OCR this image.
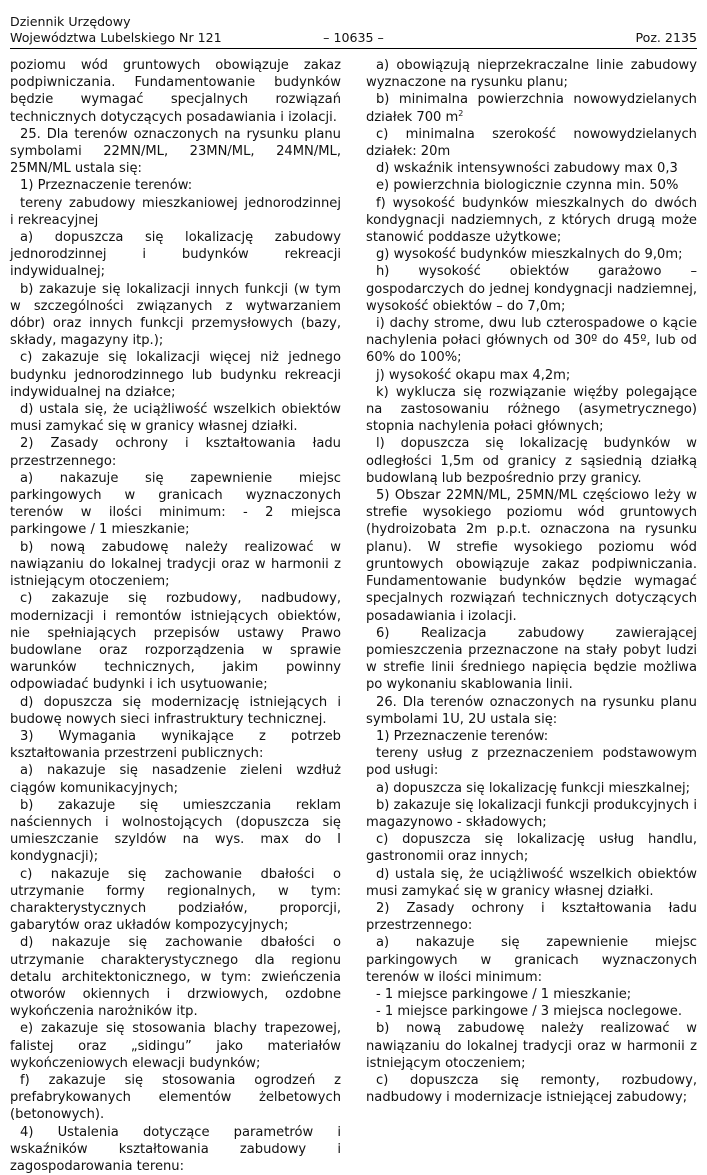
Dziennik Urzędowy
Województwa Lubelskiego Nr 121	– 10635 –	Poz. 2135

poziomu wód gruntowych obowiązuje zakaz podpiwniczania. Fundamentowanie budynków będzie wymagać specjalnych rozwiązań technicznych dotyczących posadawiania i izolacji.

25. Dla terenów oznaczonych na rysunku planu symbolami 22MN/ML, 23MN/ML, 24MN/ML, 25MN/ML ustala się:

1) Przeznaczenie terenów:

tereny zabudowy mieszkaniowej jednorodzinnej i rekreacyjnej

a) dopuszcza się lokalizację zabudowy jednorodzinnej i budynków rekreacji indywidualnej;

b) zakazuje się lokalizacji innych funkcji (w tym w szczególności związanych z wytwarzaniem dóbr) oraz innych funkcji przemysłowych (bazy, składy, magazyny itp.);

c) zakazuje się lokalizacji więcej niż jednego budynku jednorodzinnego lub budynku rekreacji indywidualnej na działce;

d) ustala się, że uciążliwość wszelkich obiektów musi zamykać się w granicy własnej działki.

2) Zasady ochrony i kształtowania ładu przestrzennego:

a) nakazuje się zapewnienie miejsc parkingowych w granicach wyznaczonych terenów w ilości minimum: - 2 miejsca parkingowe / 1 mieszkanie;

b) nową zabudowę należy realizować w nawiązaniu do lokalnej tradycji oraz w harmonii z istniejącym otoczeniem;

c) zakazuje się rozbudowy, nadbudowy, modernizacji i remontów istniejących obiektów, nie spełniających przepisów ustawy Prawo budowlane oraz rozporządzenia w sprawie warunków technicznych, jakim powinny odpowiadać budynki i ich usytuowanie;

d) dopuszcza się modernizację istniejących i budowę nowych sieci infrastruktury technicznej.

3) Wymagania wynikające z potrzeb kształtowania przestrzeni publicznych:

a) nakazuje się nasadzenie zieleni wzdłuż ciągów komunikacyjnych;

b) zakazuje się umieszczania reklam naściennych i wolnostojących (dopuszcza się umieszczanie szyldów na wys. max do I kondygnacji);

c) nakazuje się zachowanie dbałości o utrzymanie formy regionalnych, w tym: charakterystycznych podziałów, proporcji, gabarytów oraz układów kompozycyjnych;

d) nakazuje się zachowanie dbałości o utrzymanie charakterystycznego dla regionu detalu architektonicznego, w tym: zwieńczenia otworów okiennych i drzwiowych, ozdobne wykończenia narożników itp.

e) zakazuje się stosowania blachy trapezowej, falistej oraz „sidingu” jako materiałów wykończeniowych elewacji budynków;

f) zakazuje się stosowania ogrodzeń z prefabrykowanych elementów żelbetowych (betonowych).

4) Ustalenia dotyczące parametrów i wskaźników kształtowania zabudowy i zagospodarowania terenu:

a) obowiązują nieprzekraczalne linie zabudowy wyznaczone na rysunku planu;

b) minimalna powierzchnia nowowydzielanych działek 700 $m^2$

c) minimalna szerokość nowowydzielanych działek: 20m

d) wskaźnik intensywności zabudowy max 0,3

e) powierzchnia biologicznie czynna min. 50%

f) wysokość budynków mieszkalnych do dwóch kondygnacji nadziemnych, z których drugą może stanowić poddasze użytkowe;

g) wysokość budynków mieszkalnych do 9,0m;

h) wysokość obiektów garażowo – gospodarczych do jednej kondygnacji nadziemnej, wysokość obiektów – do 7,0m;

i) dachy strome, dwu lub czterospadowe o kącie nachylenia połaci głównych od 30º do 45º, lub od 60% do 100%;

j) wysokość okapu max 4,2m;

k) wyklucza się rozwiązanie więźby polegające na zastosowaniu różnego (asymetrycznego) stopnia nachylenia połaci głównych;

l) dopuszcza się lokalizację budynków w odległości 1,5m od granicy z sąsiednią działką budowlaną lub bezpośrednio przy granicy.

5) Obszar 22MN/ML, 25MN/ML częściowo leży w strefie wysokiego poziomu wód gruntowych (hydroizobata 2m p.p.t. oznaczona na rysunku planu). W strefie wysokiego poziomu wód gruntowych obowiązuje zakaz podpiwniczania. Fundamentowanie budynków będzie wymagać specjalnych rozwiązań technicznych dotyczących posadawiania i izolacji.

6) Realizacja zabudowy zawierającej pomieszczenia przeznaczone na stały pobyt ludzi w strefie linii średniego napięcia będzie możliwa po wykonaniu skablowania linii.

26. Dla terenów oznaczonych na rysunku planu symbolami 1U, 2U ustala się:

1) Przeznaczenie terenów:

tereny usług z przeznaczeniem podstawowym pod usługi:

a) dopuszcza się lokalizację funkcji mieszkalnej;

b) zakazuje się lokalizacji funkcji produkcyjnych i magazynowo - składowych;

c) dopuszcza się lokalizację usług handlu, gastronomii oraz innych;

d) ustala się, że uciążliwość wszelkich obiektów musi zamykać się w granicy własnej działki.

2) Zasady ochrony i kształtowania ładu przestrzennego:

a) nakazuje się zapewnienie miejsc parkingowych w granicach wyznaczonych terenów w ilości minimum:

- 1 miejsce parkingowe / 1 mieszkanie;

- 1 miejsce parkingowe / 3 miejsca noclegowe.

b) nową zabudowę należy realizować w nawiązaniu do lokalnej tradycji oraz w harmonii z istniejącym otoczeniem;

c) dopuszcza się remonty, rozbudowy, nadbudowy i modernizacje istniejącej zabudowy;
